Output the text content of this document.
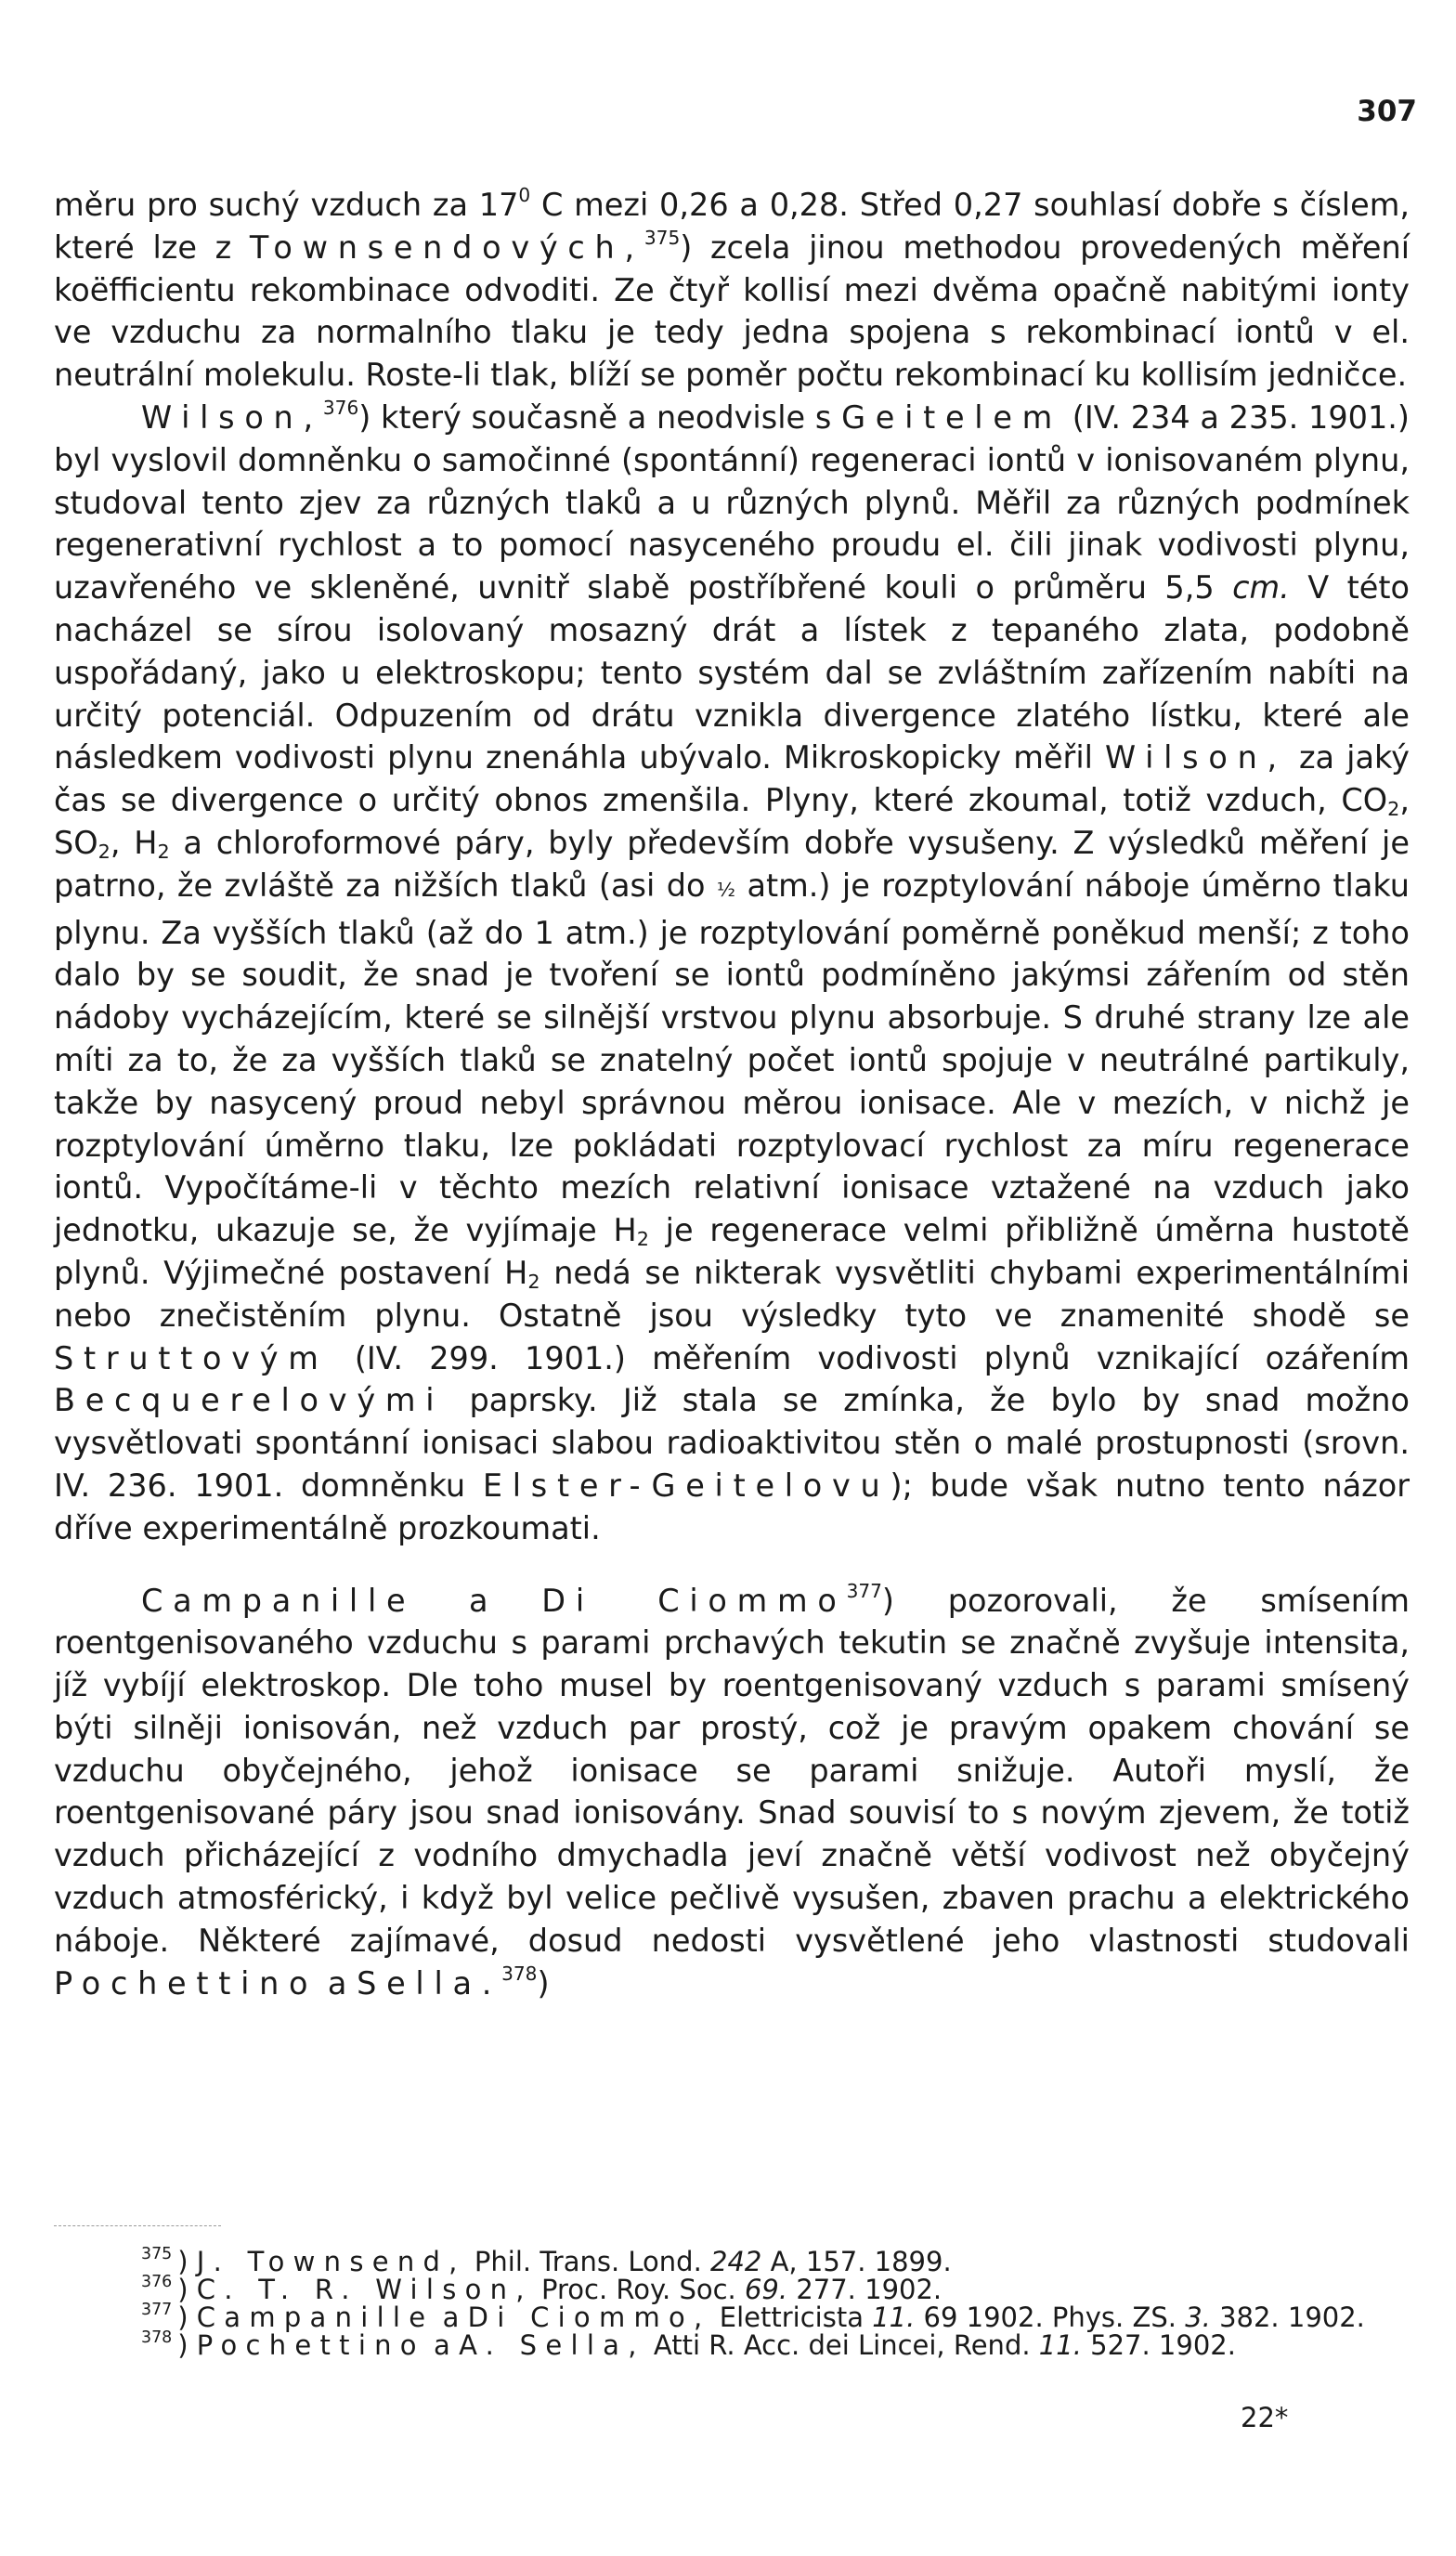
307

měru pro suchý vzduch za $17^0$ C mezi 0,26 a 0,28. Střed 0,27 souhlasí dobře s číslem, které lze z Townsendových,$^{375}$) zcela jinou methodou provedených měření koëfficientu rekombinace odvoditi. Ze čtyř kollisí mezi dvěma opačně nabitými ionty ve vzduchu za normalního tlaku je tedy jedna spojena s rekombinací iontů v el. neutrální molekulu. Roste-li tlak, blíží se poměr počtu rekombinací ku kollisím jedničce.

Wilson,$^{376}$) který současně a neodvisle s Geitelem (IV. 234 a 235. 1901.) byl vyslovil domněnku o samočinné (spontánní) regeneraci iontů v ionisovaném plynu, studoval tento zjev za různých tlaků a u různých plynů. Měřil za různých podmínek regenerativní rychlost a to pomocí nasyceného proudu el. čili jinak vodivosti plynu, uzavřeného ve skleněné, uvnitř slabě postříbřené kouli o průměru 5,5 cm. V této nacházel se sírou isolovaný mosazný drát a lístek z tepaného zlata, podobně uspořádaný, jako u elektroskopu; tento systém dal se zvláštním zařízením nabíti na určitý potenciál. Odpuzením od drátu vznikla divergence zlatého lístku, které ale následkem vodivosti plynu znenáhla ubývalo. Mikroskopicky měřil Wilson, za jaký čas se divergence o určitý obnos zmenšila. Plyny, které zkoumal, totiž vzduch, $CO_2$, $SO_2$, $H_2$ a chloroformové páry, byly především dobře vysušeny. Z výsledků měření je patrno, že zvláště za nižších tlaků (asi do ½ atm.) je rozptylování náboje úměrno tlaku plynu. Za vyšších tlaků (až do 1 atm.) je rozptylování poměrně poněkud menší; z toho dalo by se soudit, že snad je tvoření se iontů podmíněno jakýmsi zářením od stěn nádoby vycházejícím, které se silnější vrstvou plynu absorbuje. S druhé strany lze ale míti za to, že za vyšších tlaků se znatelný počet iontů spojuje v neutrálné partikuly, takže by nasycený proud nebyl správnou měrou ionisace. Ale v mezích, v nichž je rozptylování úměrno tlaku, lze pokládati rozptylovací rychlost za míru regenerace iontů. Vypočítáme-li v těchto mezích relativní ionisace vztažené na vzduch jako jednotku, ukazuje se, že vyjímaje $H_2$ je regenerace velmi přibližně úměrna hustotě plynů. Výjimečné postavení $H_2$ nedá se nikterak vysvětliti chybami experimentálními nebo znečistěním plynu. Ostatně jsou výsledky tyto ve znamenité shodě se Struttovým (IV. 299. 1901.) měřením vodivosti plynů vznikající ozářením Becquerelovými paprsky. Již stala se zmínka, že bylo by snad možno vysvětlovati spontánní ionisaci slabou radioaktivitou stěn o malé prostupnosti (srovn. IV. 236. 1901. domněnku Elster-Geitelovu); bude však nutno tento názor dříve experimentálně prozkoumati.

Campanille a Di Ciommo$^{377}$) pozorovali, že smísením roentgenisovaného vzduchu s parami prchavých tekutin se značně zvyšuje intensita, jíž vybíjí elektroskop. Dle toho musel by roentgenisovaný vzduch s parami smísený býti silněji ionisován, než vzduch par prostý, což je pravým opakem chování se vzduchu obyčejného, jehož ionisace se parami snižuje. Autoři myslí, že roentgenisované páry jsou snad ionisovány. Snad souvisí to s novým zjevem, že totiž vzduch přicházející z vodního dmychadla jeví značně větší vodivost než obyčejný vzduch atmosférický, i když byl velice pečlivě vysušen, zbaven prachu a elektrického náboje. Některé zajímavé, dosud nedosti vysvětlené jeho vlastnosti studovali Pochettino a Sella.$^{378}$)

$^{375}$ ) J. Townsend, Phil. Trans. Lond. 242 A, 157. 1899.
$^{376}$ ) C. T. R. Wilson, Proc. Roy. Soc. 69. 277. 1902.
$^{377}$ ) Campanille a Di Ciommo, Elettricista 11. 69 1902. Phys. ZS. 3. 382. 1902.
$^{378}$ ) Pochettino a A. Sella, Atti R. Acc. dei Lincei, Rend. 11. 527. 1902.
22*
